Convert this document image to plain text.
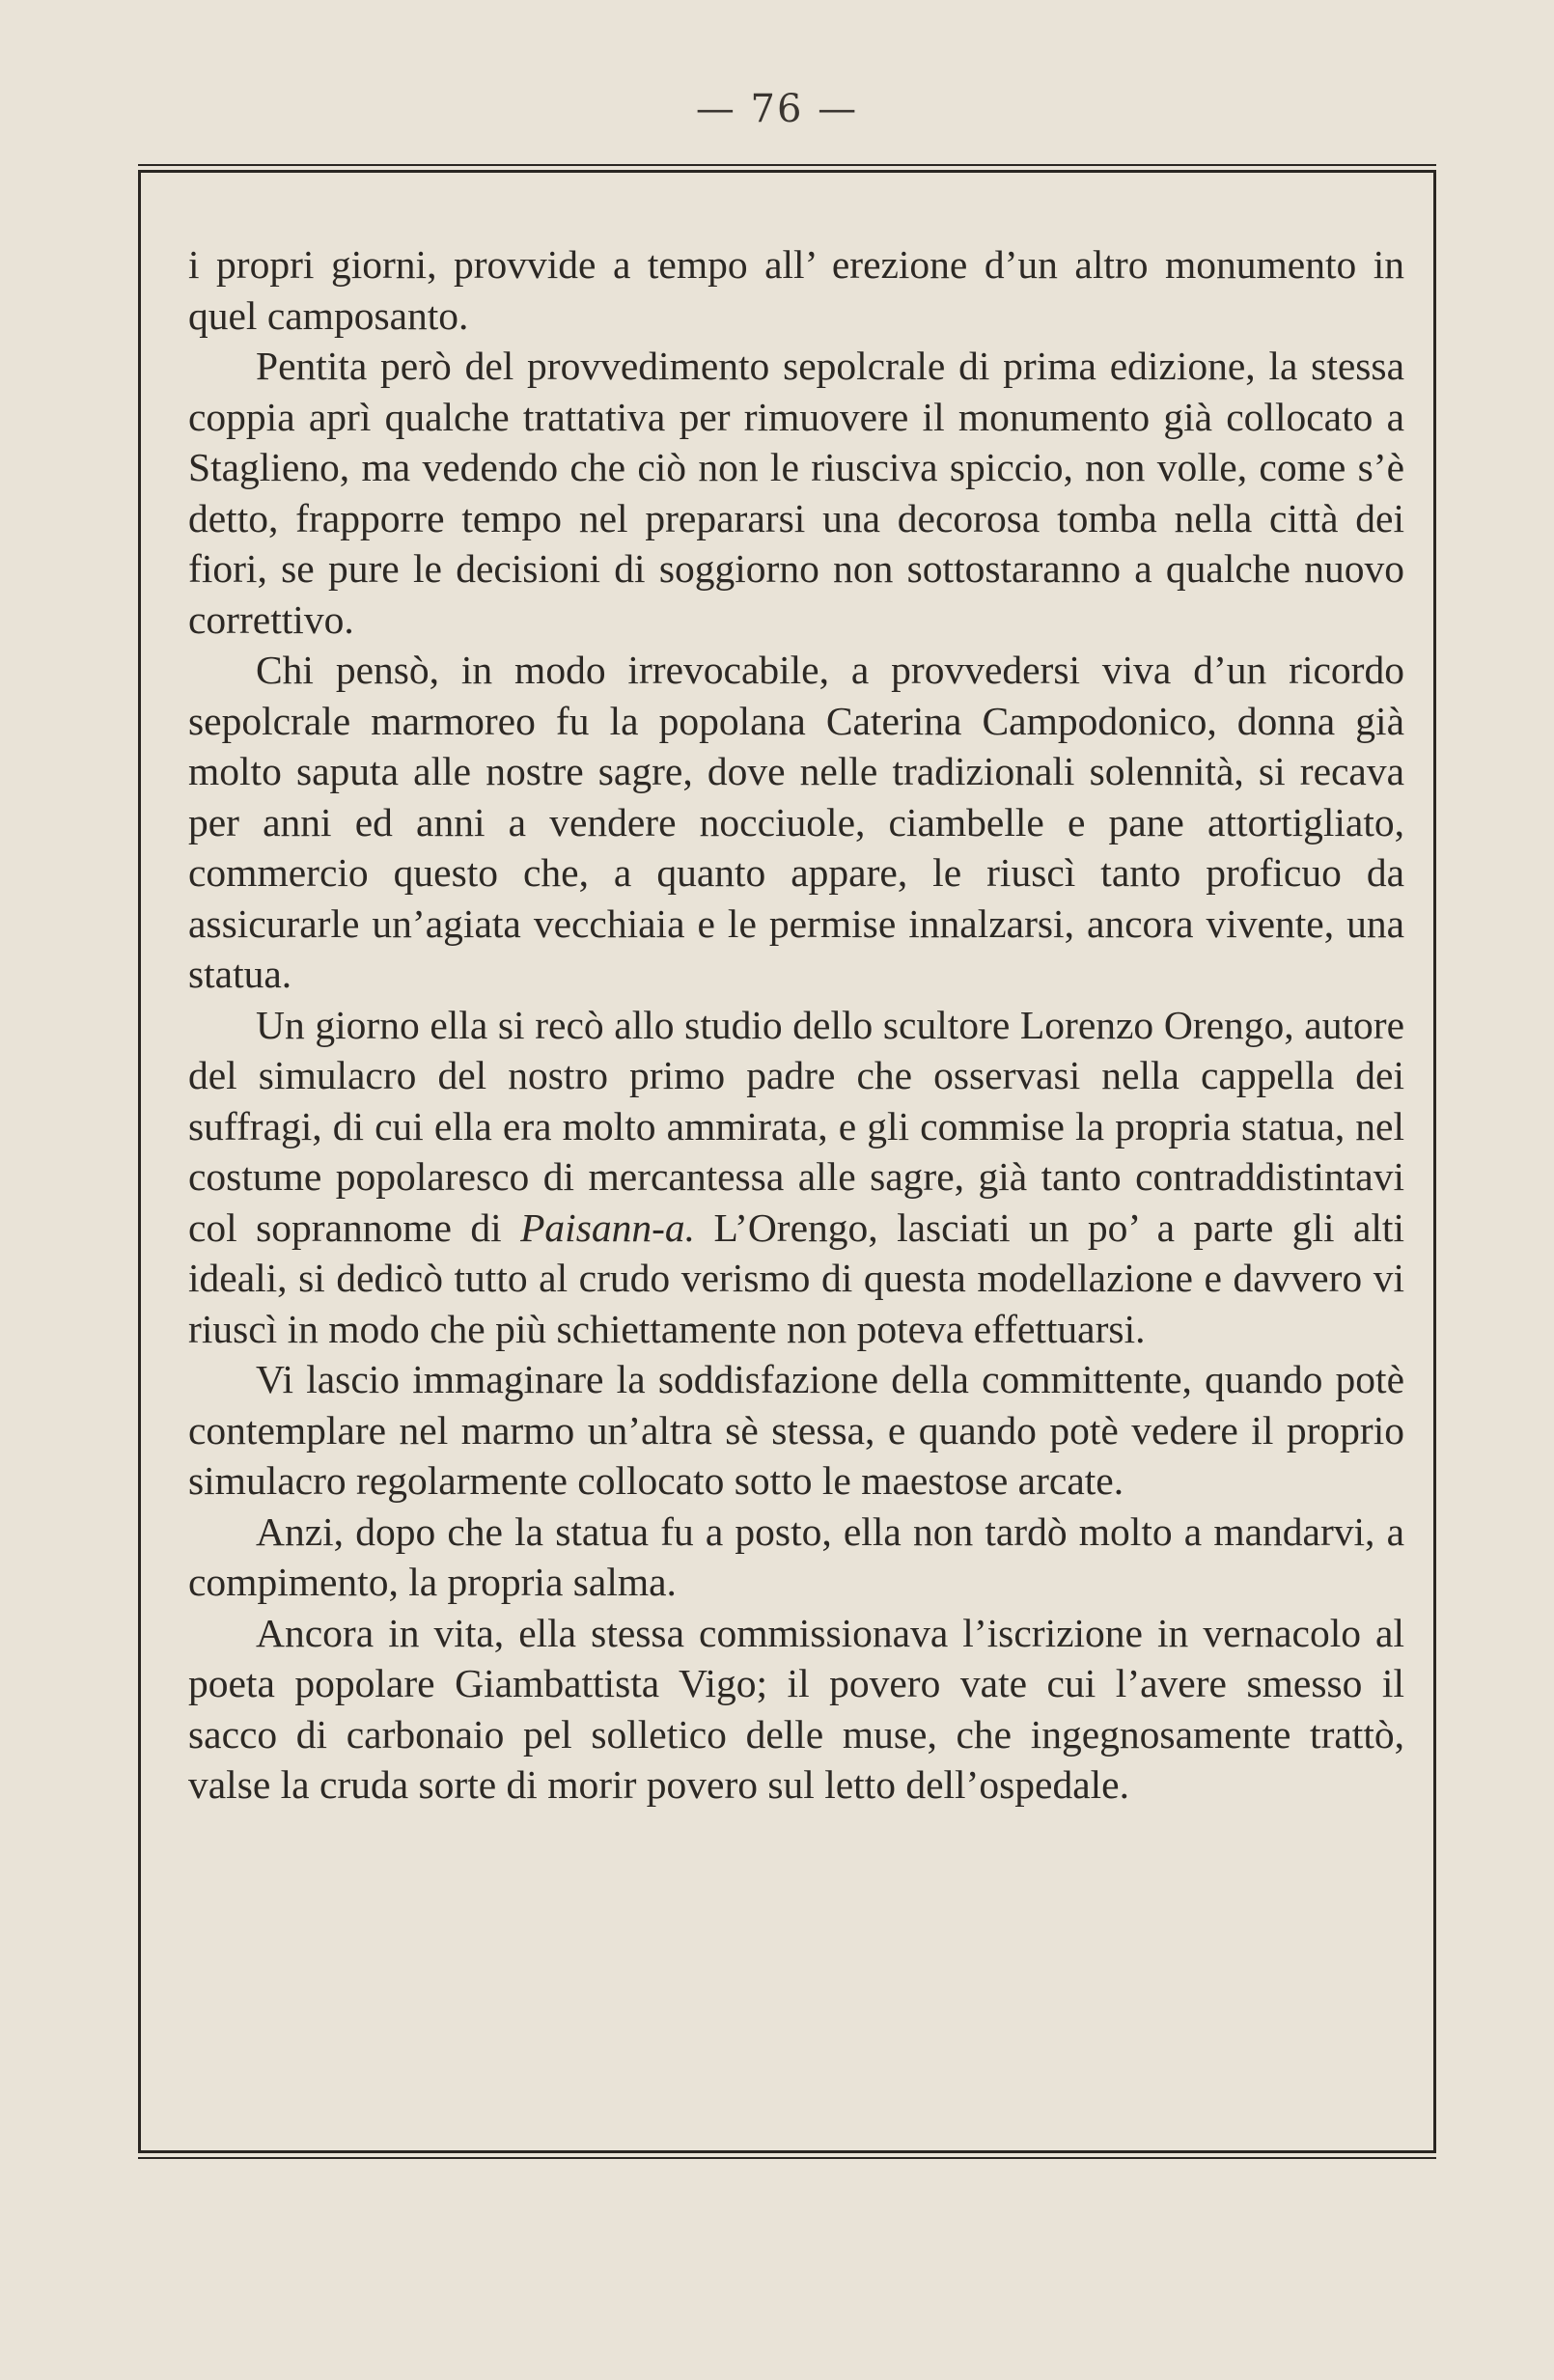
— 76 —

i propri giorni, provvide a tempo all’ erezione d’un altro monumento in quel camposanto.

Pentita però del provvedimento sepolcrale di prima edizione, la stessa coppia aprì qualche trattativa per rimuovere il monumento già collocato a Staglieno, ma vedendo che ciò non le riusciva spiccio, non volle, come s’è detto, frapporre tempo nel prepararsi una decorosa tomba nella città dei fiori, se pure le decisioni di soggiorno non sottostaranno a qualche nuovo correttivo.

Chi pensò, in modo irrevocabile, a provvedersi viva d’un ricordo sepolcrale marmoreo fu la popolana Caterina Campodonico, donna già molto saputa alle nostre sagre, dove nelle tradizionali solennità, si recava per anni ed anni a vendere nocciuole, ciambelle e pane attortigliato, commercio questo che, a quanto appare, le riuscì tanto proficuo da assicurarle un’agiata vecchiaia e le permise innalzarsi, ancora vivente, una statua.

Un giorno ella si recò allo studio dello scultore Lorenzo Orengo, autore del simulacro del nostro primo padre che osservasi nella cappella dei suffragi, di cui ella era molto ammirata, e gli commise la propria statua, nel costume popolaresco di mercantessa alle sagre, già tanto contraddistintavi col soprannome di Paisann-a. L’Orengo, lasciati un po’ a parte gli alti ideali, si dedicò tutto al crudo verismo di questa modellazione e davvero vi riuscì in modo che più schiettamente non poteva effettuarsi.

Vi lascio immaginare la soddisfazione della committente, quando potè contemplare nel marmo un’altra sè stessa, e quando potè vedere il proprio simulacro regolarmente collocato sotto le maestose arcate.

Anzi, dopo che la statua fu a posto, ella non tardò molto a mandarvi, a compimento, la propria salma.

Ancora in vita, ella stessa commissionava l’iscrizione in vernacolo al poeta popolare Giambattista Vigo; il povero vate cui l’avere smesso il sacco di carbonaio pel solletico delle muse, che ingegnosamente trattò, valse la cruda sorte di morir povero sul letto dell’ospedale.
